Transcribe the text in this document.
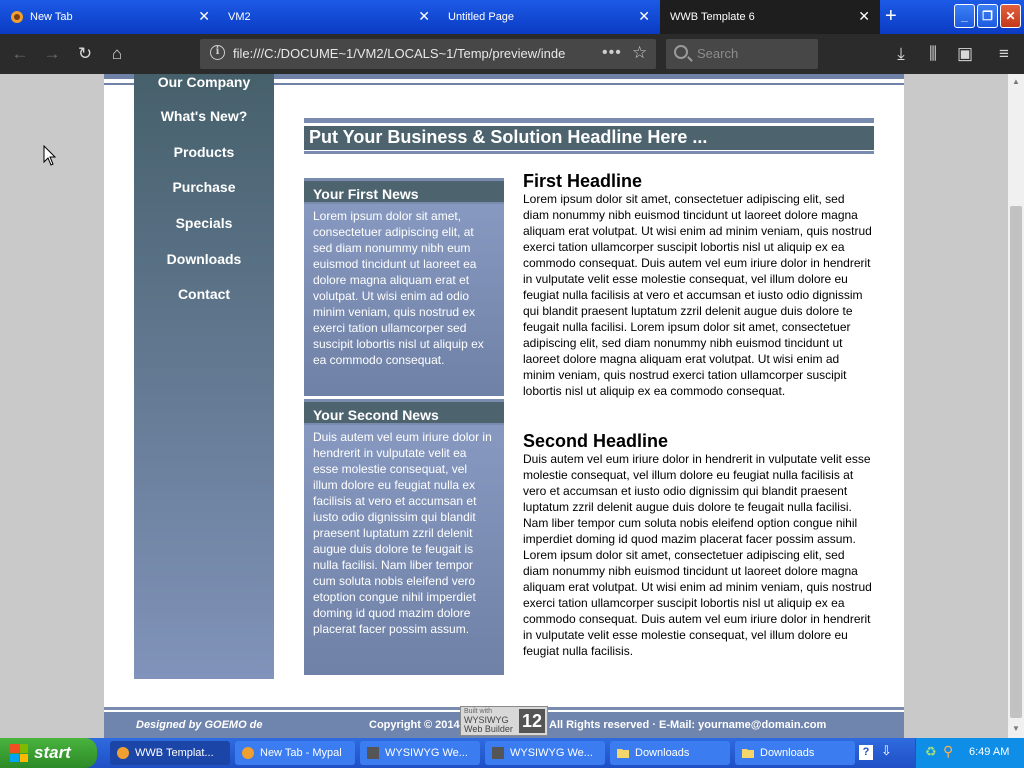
New Tab	✕ VM2	✕ Untitled Page	✕ WWB Template 6	✕ +	_	❐	✕
← → ↻	⌂	i	file:///C:/DOCUME~1/VM2/LOCALS~1/Temp/preview/inde	••• ☆	Search	⤓	⫼	▣	≡
Our Company
What's New?
Products
Purchase
Specials
Downloads
Contact
Put Your Business & Solution Headline Here ...
Your First News
Lorem ipsum dolor sit amet, consectetuer adipiscing elit, at sed diam nonummy nibh eum euismod tincidunt ut laoreet ea dolore magna aliquam erat et volutpat. Ut wisi enim ad odio minim veniam, quis nostrud ex exerci tation ullamcorper sed suscipit lobortis nisl ut aliquip ex ea commodo consequat.
Your Second News
Duis autem vel eum iriure dolor in hendrerit in vulputate velit ea esse molestie consequat, vel illum dolore eu feugiat nulla ex facilisis at vero et accumsan et iusto odio dignissim qui blandit praesent luptatum zzril delenit augue duis dolore te feugait is nulla facilisi. Nam liber tempor cum soluta nobis eleifend vero etoption congue nihil imperdiet doming id quod mazim dolore placerat facer possim assum.
First Headline

Lorem ipsum dolor sit amet, consectetuer adipiscing elit, sed diam nonummy nibh euismod tincidunt ut laoreet dolore magna aliquam erat volutpat. Ut wisi enim ad minim veniam, quis nostrud exerci tation ullamcorper suscipit lobortis nisl ut aliquip ex ea commodo consequat. Duis autem vel eum iriure dolor in hendrerit in vulputate velit esse molestie consequat, vel illum dolore eu feugiat nulla facilisis at vero et accumsan et iusto odio dignissim qui blandit praesent luptatum zzril delenit augue duis dolore te feugait nulla facilisi. Lorem ipsum dolor sit amet, consectetuer adipiscing elit, sed diam nonummy nibh euismod tincidunt ut laoreet dolore magna aliquam erat volutpat. Ut wisi enim ad minim veniam, quis nostrud exerci tation ullamcorper suscipit lobortis nisl ut aliquip ex ea commodo consequat.

Second Headline

Duis autem vel eum iriure dolor in hendrerit in vulputate velit esse molestie consequat, vel illum dolore eu feugiat nulla facilisis at vero et accumsan et iusto odio dignissim qui blandit praesent luptatum zzril delenit augue duis dolore te feugait nulla facilisi. Nam liber tempor cum soluta nobis eleifend option congue nihil imperdiet doming id quod mazim placerat facer possim assum. Lorem ipsum dolor sit amet, consectetuer adipiscing elit, sed diam nonummy nibh euismod tincidunt ut laoreet dolore magna aliquam erat volutpat. Ut wisi enim ad minim veniam, quis nostrud exerci tation ullamcorper suscipit lobortis nisl ut aliquip ex ea commodo consequat. Duis autem vel eum iriure dolor in hendrerit in vulputate velit esse molestie consequat, vel illum dolore eu feugiat nulla facilisis.

Designed by GOEMO de	Copyright © 2014	All Rights reserved · E-Mail: yourname@domain.com
Built with
WYSIWYG
Web Builder 12
▲
▼
start	WWB Templat...	New Tab - Mypal	WYSIWYG We...	WYSIWYG We...	Downloads	Downloads	? ⇩	♻ ⚲ 6:49 AM
